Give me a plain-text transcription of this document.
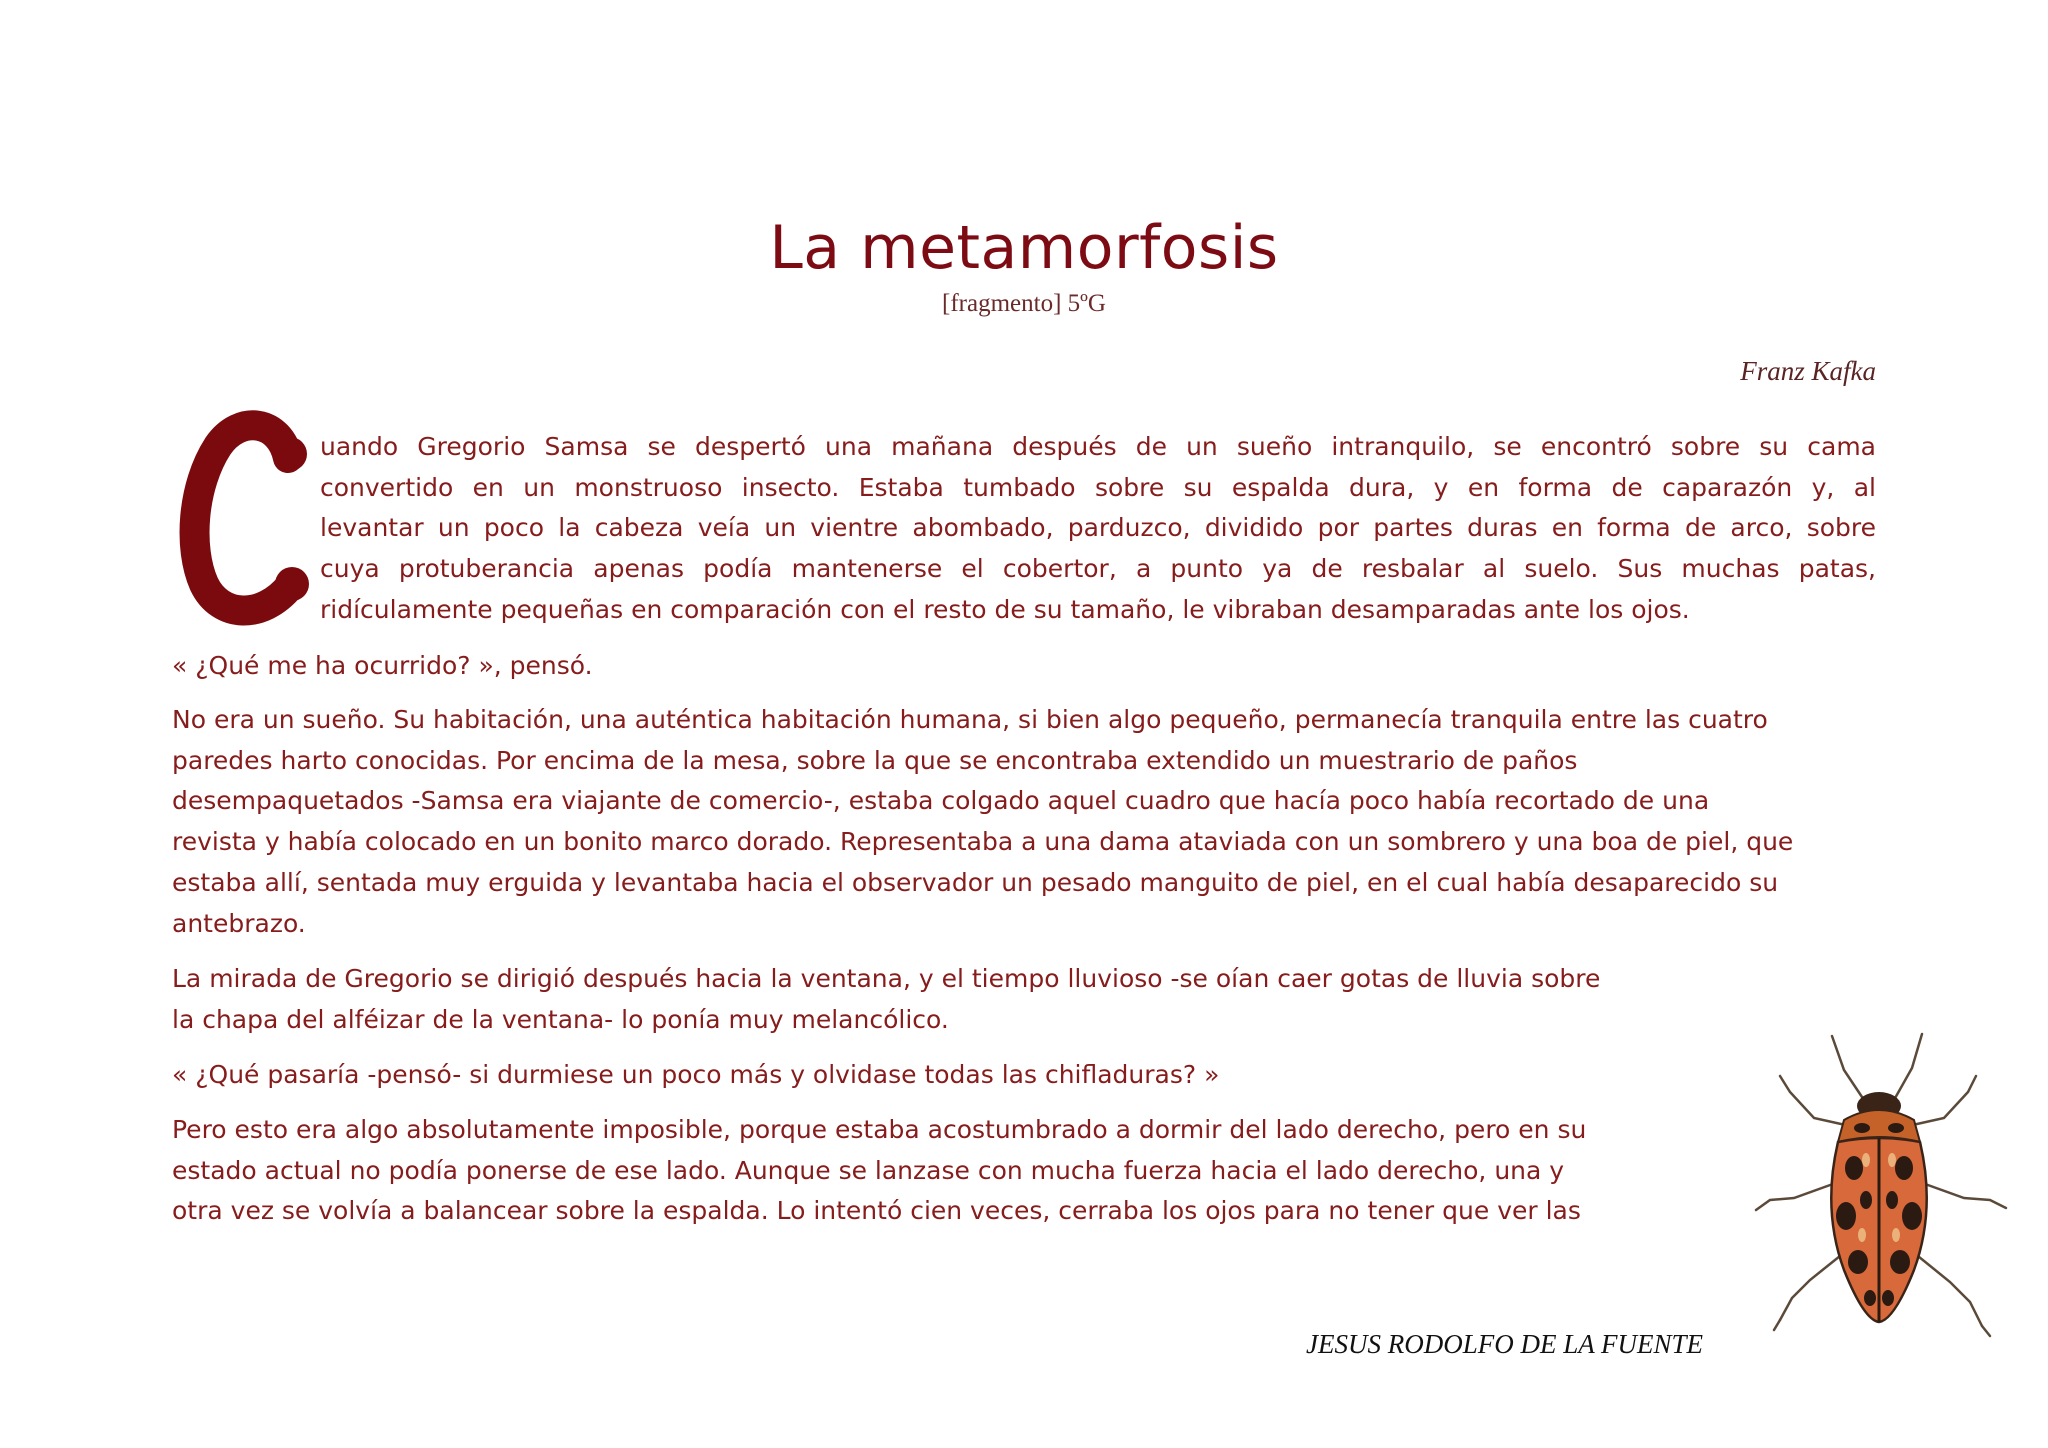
La metamorfosis
[fragmento] 5ºG
Franz Kafka
C
uando Gregorio Samsa se despertó una mañana después de un sueño intranquilo, se encontró sobre su cama
convertido en un monstruoso insecto. Estaba tumbado sobre su espalda dura, y en forma de caparazón y, al
levantar un poco la cabeza veía un vientre abombado, parduzco, dividido por partes duras en forma de arco, sobre
cuya protuberancia apenas podía mantenerse el cobertor, a punto ya de resbalar al suelo. Sus muchas patas,
ridículamente pequeñas en comparación con el resto de su tamaño, le vibraban desamparadas ante los ojos.
« ¿Qué me ha ocurrido? », pensó.
No era un sueño. Su habitación, una auténtica habitación humana, si bien algo pequeño, permanecía tranquila entre las cuatro
paredes harto conocidas. Por encima de la mesa, sobre la que se encontraba extendido un muestrario de paños
desempaquetados -Samsa era viajante de comercio-, estaba colgado aquel cuadro que hacía poco había recortado de una
revista y había colocado en un bonito marco dorado. Representaba a una dama ataviada con un sombrero y una boa de piel, que
estaba allí, sentada muy erguida y levantaba hacia el observador un pesado manguito de piel, en el cual había desaparecido su
antebrazo.
La mirada de Gregorio se dirigió después hacia la ventana, y el tiempo lluvioso -se oían caer gotas de lluvia sobre
la chapa del alféizar de la ventana- lo ponía muy melancólico.
« ¿Qué pasaría -pensó- si durmiese un poco más y olvidase todas las chifladuras? »
Pero esto era algo absolutamente imposible, porque estaba acostumbrado a dormir del lado derecho, pero en su
estado actual no podía ponerse de ese lado. Aunque se lanzase con mucha fuerza hacia el lado derecho, una y
otra vez se volvía a balancear sobre la espalda. Lo intentó cien veces, cerraba los ojos para no tener que ver las
JESUS RODOLFO DE LA FUENTE
